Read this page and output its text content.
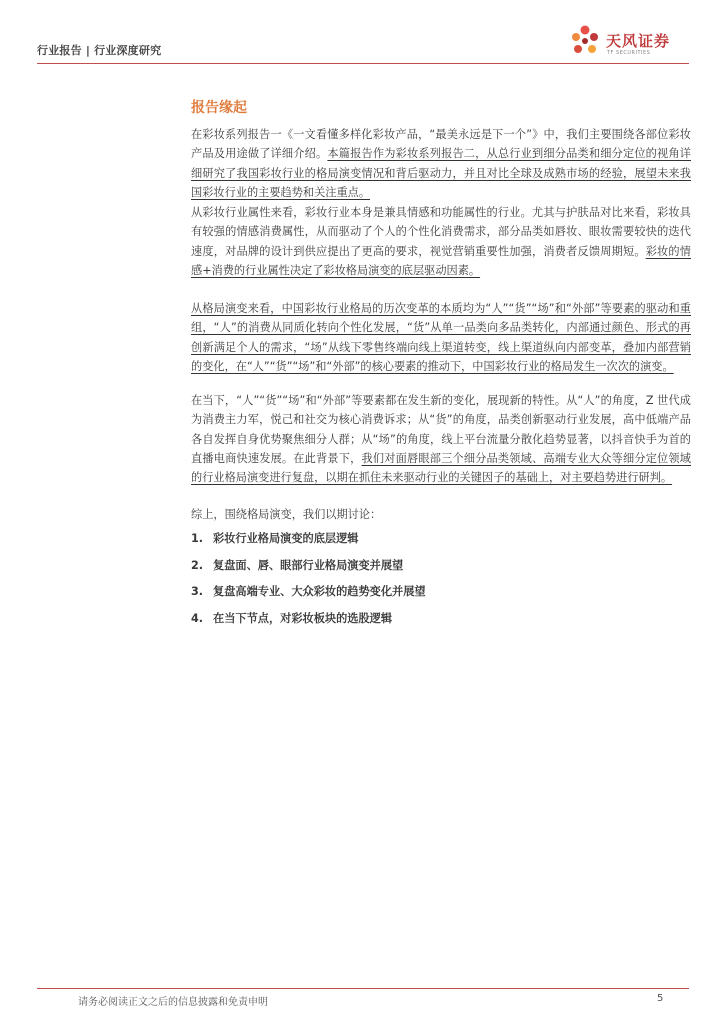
行业报告 | 行业深度研究
天风证券
TF SECURITIES
报告缘起

在彩妆系列报告一《一文看懂多样化彩妆产品，“最美永远是下一个”》中，我们主要围绕各部位彩妆产品及用途做了详细介绍。本篇报告作为彩妆系列报告二，从总行业到细分品类和细分定位的视角详细研究了我国彩妆行业的格局演变情况和背后驱动力，并且对比全球及成熟市场的经验，展望未来我国彩妆行业的主要趋势和关注重点。

从彩妆行业属性来看，彩妆行业本身是兼具情感和功能属性的行业。尤其与护肤品对比来看，彩妆具有较强的情感消费属性，从而驱动了个人的个性化消费需求，部分品类如唇妆、眼妆需要较快的迭代速度，对品牌的设计到供应提出了更高的要求，视觉营销重要性加强，消费者反馈周期短。彩妆的情感+消费的行业属性决定了彩妆格局演变的底层驱动因素。

从格局演变来看，中国彩妆行业格局的历次变革的本质均为“人”“货”“场”和“外部”等要素的驱动和重组，“人”的消费从同质化转向个性化发展，“货”从单一品类向多品类转化，内部通过颜色、形式的再创新满足个人的需求，“场”从线下零售终端向线上渠道转变，线上渠道纵向内部变革，叠加内部营销的变化，在“人”“货”“场”和“外部”的核心要素的推动下，中国彩妆行业的格局发生一次次的演变。

在当下，“人”“货”“场”和“外部”等要素都在发生新的变化，展现新的特性。从“人”的角度，Z 世代成为消费主力军，悦己和社交为核心消费诉求；从“货”的角度，品类创新驱动行业发展，高中低端产品各自发挥自身优势聚焦细分人群；从“场”的角度，线上平台流量分散化趋势显著，以抖音快手为首的直播电商快速发展。在此背景下，我们对面唇眼部三个细分品类领域、高端专业大众等细分定位领域的行业格局演变进行复盘，以期在抓住未来驱动行业的关键因子的基础上，对主要趋势进行研判。

综上，围绕格局演变，我们以期讨论：

1. 彩妆行业格局演变的底层逻辑
2. 复盘面、唇、眼部行业格局演变并展望
3. 复盘高端专业、大众彩妆的趋势变化并展望
4. 在当下节点，对彩妆板块的选股逻辑
请务必阅读正文之后的信息披露和免责申明	5
